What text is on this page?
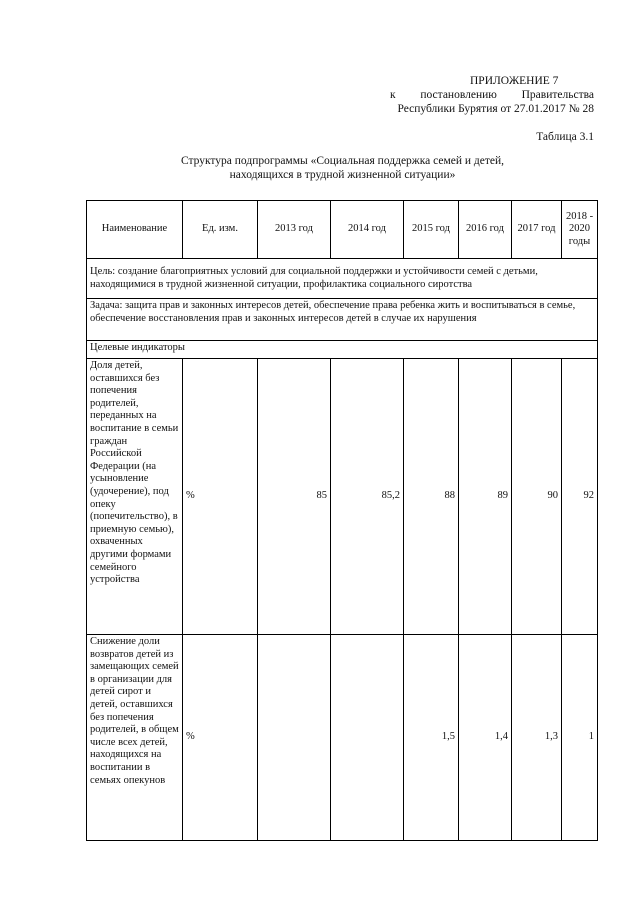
ПРИЛОЖЕНИЕ 7
к постановлению Правительства
Республики Бурятия от 27.01.2017 № 28
Таблица 3.1
Структура подпрограммы «Социальная поддержка семей и детей,
находящихся в трудной жизненной ситуации»
Наименование	Ед. изм.	2013 год	2014 год	2015 год	2016 год	2017 год	2018 - 2020 годы
Цель: создание благоприятных условий для социальной поддержки и устойчивости семей с детьми, находящимися в трудной жизненной ситуации, профилактика социального сиротства							
Задача: защита прав и законных интересов детей, обеспечение права ребенка жить и воспитываться в семье, обеспечение восстановления прав и законных интересов детей в случае их нарушения							
Целевые индикаторы							
Доля детей, оставшихся без попечения родителей, переданных на воспитание в семьи граждан Российской Федерации (на усыновление (удочерение), под опеку (попечительство), в приемную семью), охваченных другими формами семейного устройства	%	85	85,2	88	89	90	92
Снижение доли возвратов детей из замещающих семей в организации для детей сирот и детей, оставшихся без попечения родителей, в общем числе всех детей, находящихся на воспитании в семьях опекунов	%			1,5	1,4	1,3	1
